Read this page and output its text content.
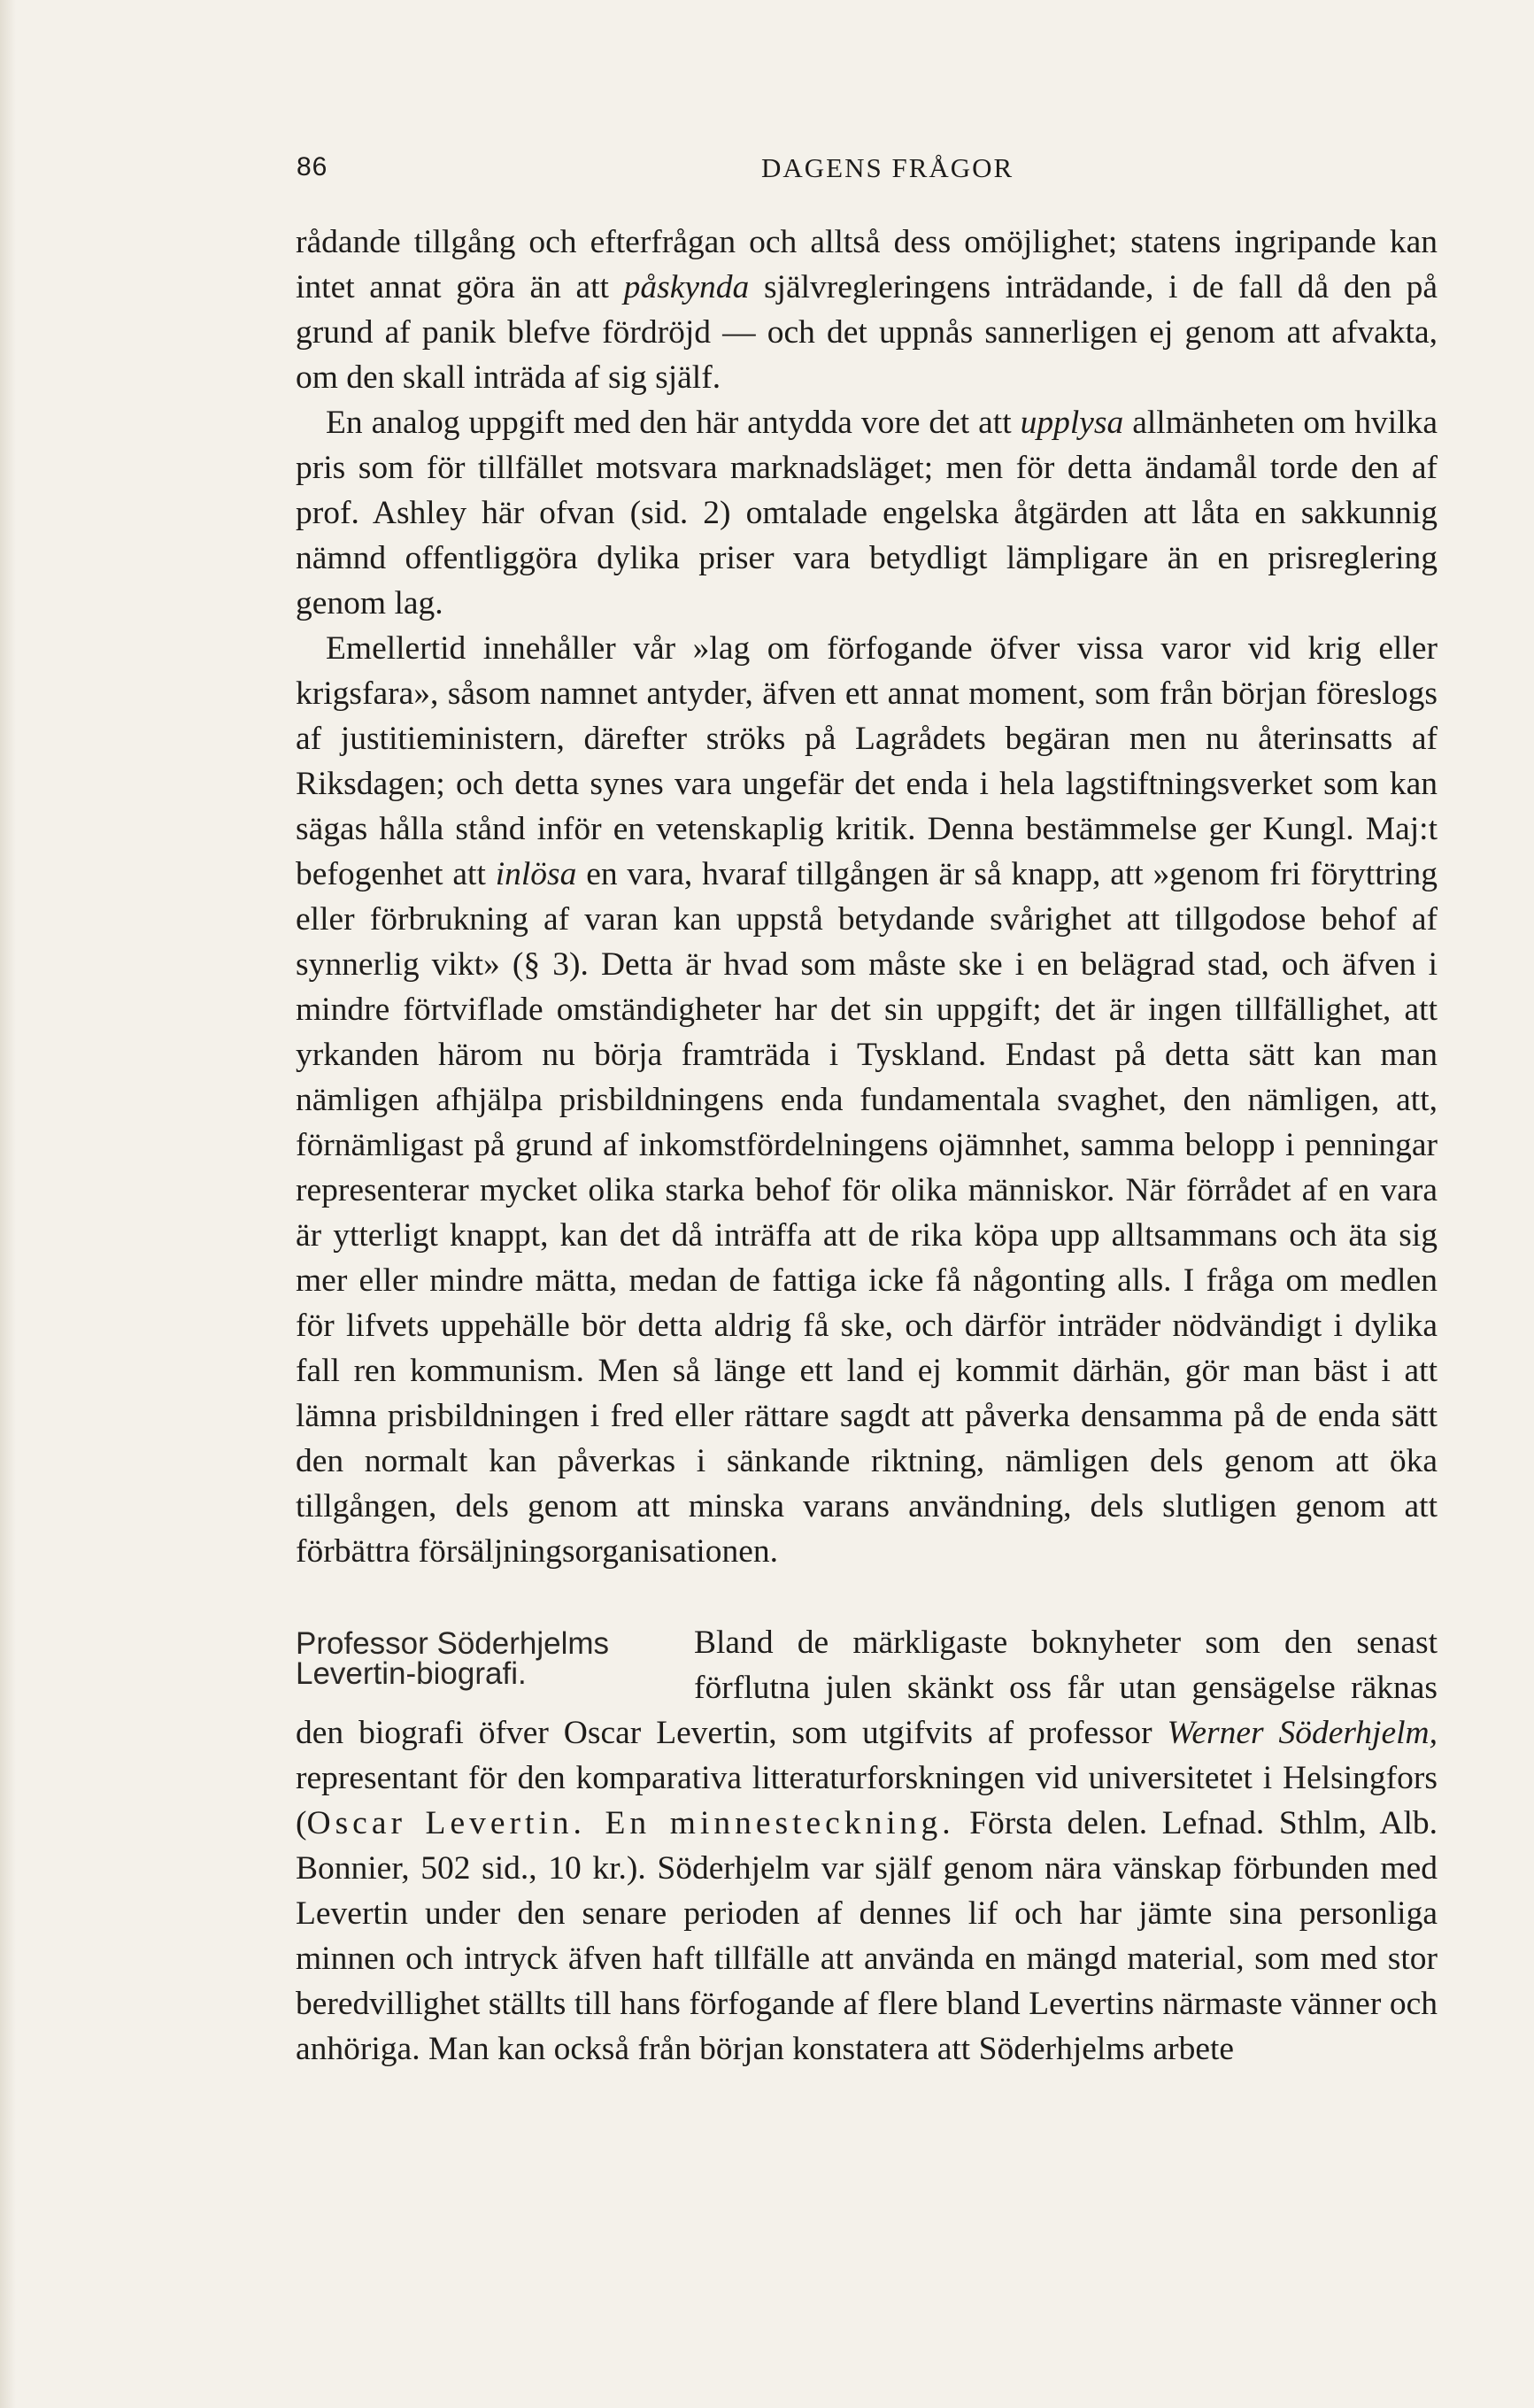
86	DAGENS FRÅGOR

rådande tillgång och efterfrågan och alltså dess omöjlighet; statens ingripande kan intet annat göra än att påskynda självregleringens inträdande, i de fall då den på grund af panik blefve fördröjd — och det uppnås sannerligen ej genom att afvakta, om den skall inträda af sig själf.

En analog uppgift med den här antydda vore det att upplysa allmänheten om hvilka pris som för tillfället motsvara marknadsläget; men för detta ändamål torde den af prof. Ashley här ofvan (sid. 2) omtalade engelska åtgärden att låta en sakkunnig nämnd offentliggöra dylika priser vara betydligt lämpligare än en prisreglering genom lag.

Emellertid innehåller vår »lag om förfogande öfver vissa varor vid krig eller krigsfara», såsom namnet antyder, äfven ett annat moment, som från början föreslogs af justitieministern, därefter ströks på Lagrådets begäran men nu återinsatts af Riksdagen; och detta synes vara ungefär det enda i hela lagstiftningsverket som kan sägas hålla stånd inför en vetenskaplig kritik. Denna bestämmelse ger Kungl. Maj:t befogenhet att inlösa en vara, hvaraf tillgången är så knapp, att »genom fri föryttring eller förbrukning af varan kan uppstå betydande svårighet att tillgodose behof af synnerlig vikt» (§ 3). Detta är hvad som måste ske i en belägrad stad, och äfven i mindre förtviflade omständigheter har det sin uppgift; det är ingen tillfällighet, att yrkanden härom nu börja framträda i Tyskland. Endast på detta sätt kan man nämligen afhjälpa prisbildningens enda fundamentala svaghet, den nämligen, att, förnämligast på grund af inkomstfördelningens ojämnhet, samma belopp i penningar representerar mycket olika starka behof för olika människor. När förrådet af en vara är ytterligt knappt, kan det då inträffa att de rika köpa upp alltsammans och äta sig mer eller mindre mätta, medan de fattiga icke få någonting alls. I fråga om medlen för lifvets uppehälle bör detta aldrig få ske, och därför inträder nödvändigt i dylika fall ren kommunism. Men så länge ett land ej kommit därhän, gör man bäst i att lämna prisbildningen i fred eller rättare sagdt att påverka densamma på de enda sätt den normalt kan påverkas i sänkande riktning, nämligen dels genom att öka tillgången, dels genom att minska varans användning, dels slutligen genom att förbättra försäljningsorganisationen.

Professor Söderhjelms
Levertin-biografi.
Bland de märkligaste boknyheter som den senast förflutna julen skänkt oss får utan gensägelse räknas den biografi öfver Oscar Levertin, som utgifvits af professor Werner Söderhjelm, representant för den komparativa litteraturforskningen vid universitetet i Helsingfors (Oscar Levertin. En minnesteckning. Första delen. Lefnad. Sthlm, Alb. Bonnier, 502 sid., 10 kr.). Söderhjelm var själf genom nära vänskap förbunden med Levertin under den senare perioden af dennes lif och har jämte sina personliga minnen och intryck äfven haft tillfälle att använda en mängd material, som med stor beredvillighet ställts till hans förfogande af flere bland Levertins närmaste vänner och anhöriga. Man kan också från början konstatera att Söderhjelms arbete
